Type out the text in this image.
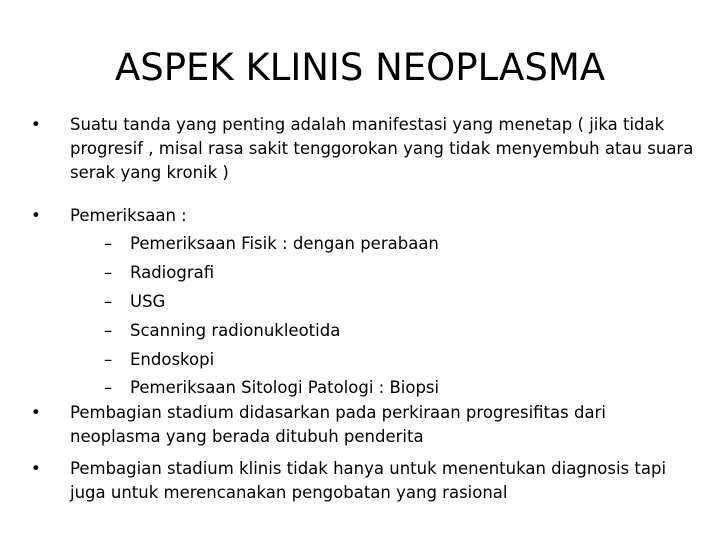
ASPEK KLINIS NEOPLASMA
• Suatu tanda yang penting adalah manifestasi yang menetap ( jika tidak
progresif , misal rasa sakit tenggorokan yang tidak menyembuh atau suara
serak yang kronik )
• Pemeriksaan :
– Pemeriksaan Fisik : dengan perabaan
– Radiografi
– USG
– Scanning radionukleotida
– Endoskopi
– Pemeriksaan Sitologi Patologi : Biopsi
• Pembagian stadium didasarkan pada perkiraan progresifitas dari
neoplasma yang berada ditubuh penderita
• Pembagian stadium klinis tidak hanya untuk menentukan diagnosis tapi
juga untuk merencanakan pengobatan yang rasional
